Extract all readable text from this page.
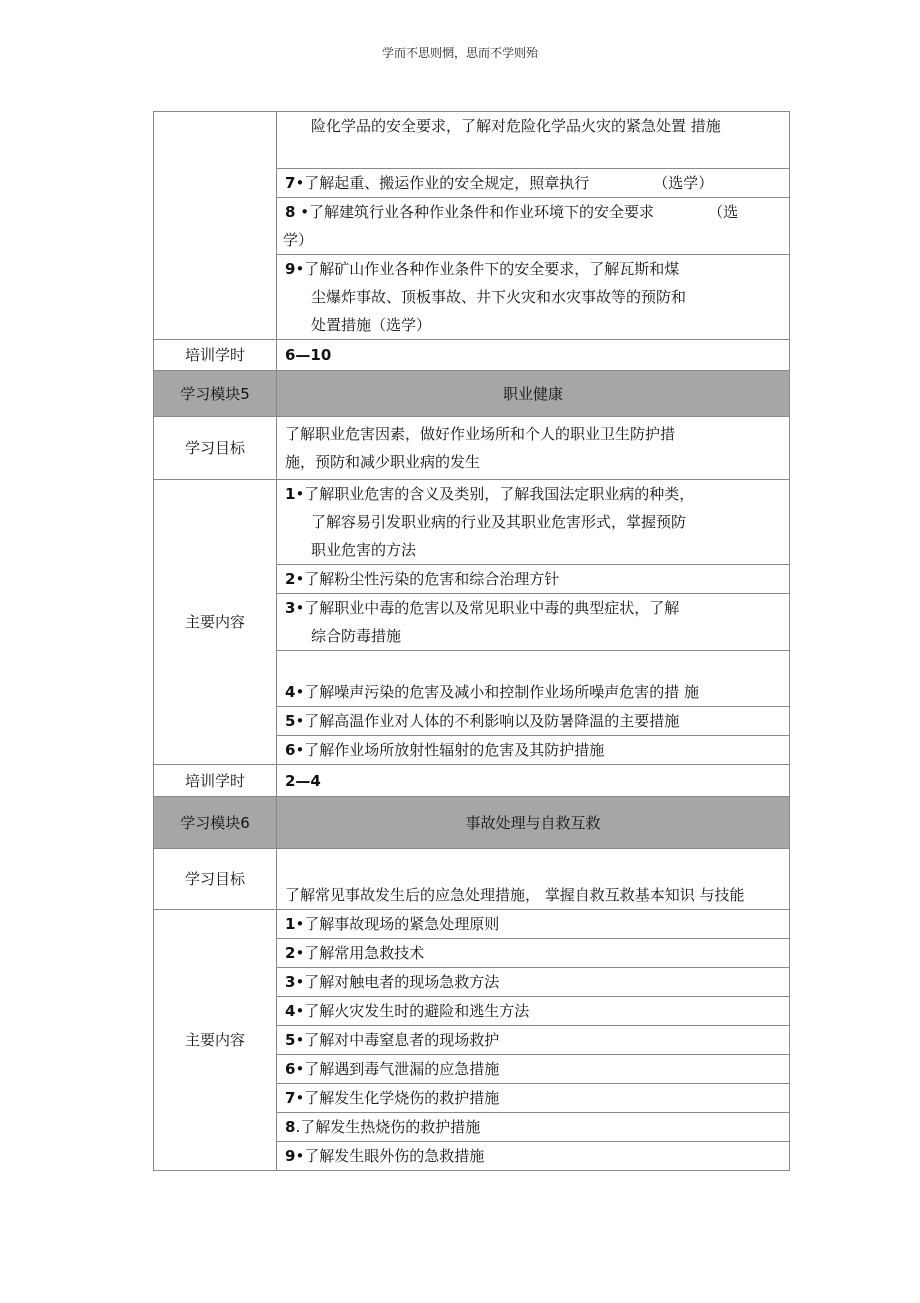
学而不思则惘，思而不学则殆

	险化学品的安全要求，了解对危险化学品火灾的紧急处置 措施

	7•了解起重、搬运作业的安全规定，照章执行 （选学）

	8 •了解建筑行业各种作业条件和作业环境下的安全要求 （选
学）

	9•了解矿山作业各种作业条件下的安全要求，了解瓦斯和煤
尘爆炸事故、顶板事故、井下火灾和水灾事故等的预防和
处置措施（选学）

培训学时	6—10
学习模块5	职业健康
学习目标	了解职业危害因素，做好作业场所和个人的职业卫生防护措
施，预防和减少职业病的发生

主要内容	1•了解职业危害的含义及类别，了解我国法定职业病的种类，
了解容易引发职业病的行业及其职业危害形式，掌握预防
职业危害的方法

	2•了解粉尘性污染的危害和综合治理方针

	3•了解职业中毒的危害以及常见职业中毒的典型症状，了解
综合防毒措施

	4•了解噪声污染的危害及减小和控制作业场所噪声危害的措 施
	5•了解高温作业对人体的不利影响以及防暑降温的主要措施
	6•了解作业场所放射性辐射的危害及其防护措施
培训学时	2—4
学习模块6	事故处理与自救互救
学习目标	了解常见事故发生后的应急处理措施， 掌握自救互救基本知识 与技能
主要内容	1•了解事故现场的紧急处理原则
	2•了解常用急救技术
	3•了解对触电者的现场急救方法
	4•了解火灾发生时的避险和逃生方法
	5•了解对中毒窒息者的现场救护
	6•了解遇到毒气泄漏的应急措施
	7•了解发生化学烧伤的救护措施
	8.了解发生热烧伤的救护措施
	9•了解发生眼外伤的急救措施
